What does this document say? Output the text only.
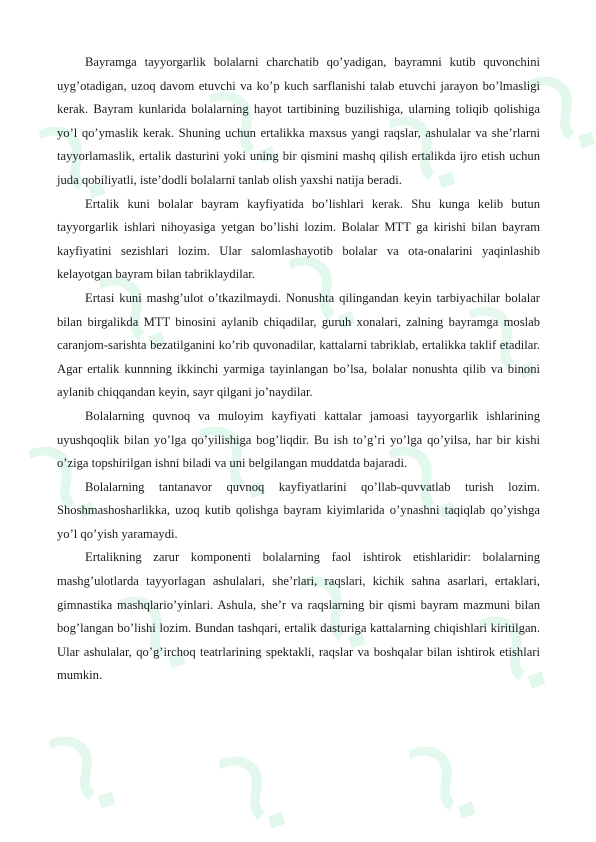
Bayramga tayyorgarlik bolalarni charchatib qo’yadigan, bayramni kutib quvonchini uyg’otadigan, uzoq davom etuvchi va ko’p kuch sarflanishi talab etuvchi jarayon bo’lmasligi kerak. Bayram kunlarida bolalarning hayot tartibining buzilishiga, ularning toliqib qolishiga yo’l qo’ymaslik kerak. Shuning uchun ertalikka maxsus yangi raqslar, ashulalar va she’rlarni tayyorlamaslik, ertalik dasturini yoki uning bir qismini mashq qilish ertalikda ijro etish uchun juda qobiliyatli, iste’dodli bolalarni tanlab olish yaxshi natija beradi.

Ertalik kuni bolalar bayram kayfiyatida bo’lishlari kerak. Shu kunga kelib butun tayyorgarlik ishlari nihoyasiga yetgan bo’lishi lozim. Bolalar MTT ga kirishi bilan bayram kayfiyatini sezishlari lozim. Ular salomlashayotib bolalar va ota-onalarini yaqinlashib kelayotgan bayram bilan tabriklaydilar.

Ertasi kuni mashg’ulot o’tkazilmaydi. Nonushta qilingandan keyin tarbiyachilar bolalar bilan birgalikda MTT binosini aylanib chiqadilar, guruh xonalari, zalning bayramga moslab caranjom-sarishta bezatilganini ko’rib quvonadilar, kattalarni tabriklab, ertalikka taklif etadilar. Agar ertalik kunnning ikkinchi yarmiga tayinlangan bo’lsa, bolalar nonushta qilib va binoni aylanib chiqqandan keyin, sayr qilgani jo’naydilar.

Bolalarning quvnoq va muloyim kayfiyati kattalar jamoasi tayyorgarlik ishlarining uyushqoqlik bilan yo’lga qo’yilishiga bog’liqdir. Bu ish to’g’ri yo’lga qo’yilsa, har bir kishi o’ziga topshirilgan ishni biladi va uni belgilangan muddatda bajaradi.

Bolalarning tantanavor quvnoq kayfiyatlarini qo’llab-quvvatlab turish lozim. Shoshmashosharlikka, uzoq kutib qolishga bayram kiyimlarida o’ynashni taqiqlab qo’yishga yo’l qo’yish yaramaydi.

Ertalikning zarur komponenti bolalarning faol ishtirok etishlaridir: bolalarning mashg’ulotlarda tayyorlagan ashulalari, she’rlari, raqslari, kichik sahna asarlari, ertaklari, gimnastika mashqlario’yinlari. Ashula, she’r va raqslarning bir qismi bayram mazmuni bilan bog’langan bo’lishi lozim. Bundan tashqari, ertalik dasturiga kattalarning chiqishlari kiritilgan. Ular ashulalar, qo’g’irchoq teatrlarining spektakli, raqslar va boshqalar bilan ishtirok etishlari mumkin.
